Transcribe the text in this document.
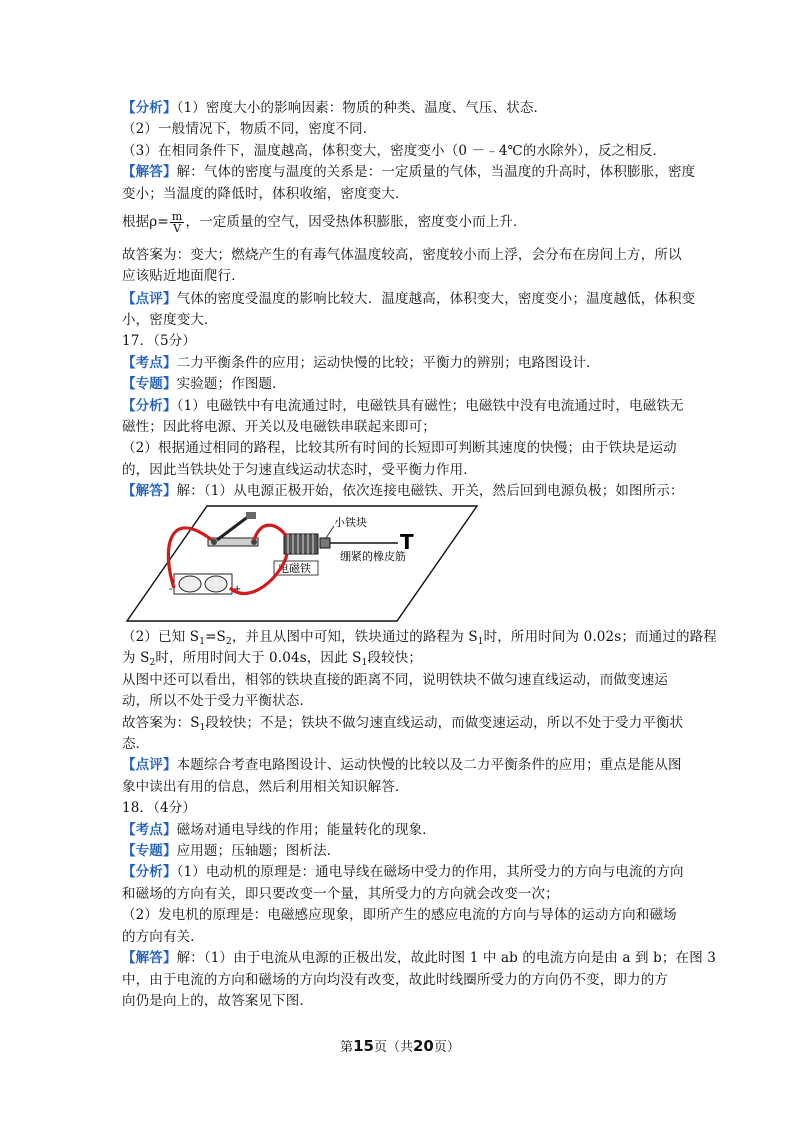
【分析】（1）密度大小的影响因素：物质的种类、温度、气压、状态．
（2）一般情况下，物质不同，密度不同．
（3）在相同条件下，温度越高，体积变大，密度变小（0 －﹣4℃的水除外），反之相反．
【解答】解：气体的密度与温度的关系是：一定质量的气体，当温度的升高时，体积膨胀，密度
变小；当温度的降低时，体积收缩，密度变大．
根据$\rho= \frac{m}{V}$ ，一定质量的空气，因受热体积膨胀，密度变小而上升．
故答案为：变大；燃烧产生的有毒气体温度较高，密度较小而上浮，会分布在房间上方，所以
应该贴近地面爬行．
【点评】气体的密度受温度的影响比较大．温度越高，体积变大，密度变小；温度越低，体积变
小，密度变大．
17．（5分）
【考点】二力平衡条件的应用；运动快慢的比较；平衡力的辨别；电路图设计．
【专题】实验题；作图题．
【分析】（1）电磁铁中有电流通过时，电磁铁具有磁性；电磁铁中没有电流通过时，电磁铁无
磁性；因此将电源、开关以及电磁铁串联起来即可；
（2）根据通过相同的路程，比较其所有时间的长短即可判断其速度的快慢；由于铁块是运动
的，因此当铁块处于匀速直线运动状态时，受平衡力作用．
【解答】解：（1）从电源正极开始，依次连接电磁铁、开关，然后回到电源负极；如图所示：
T
小铁块
绷紧的橡皮筋
电磁铁
-	+
（2）已知 $S_1=S_2$，并且从图中可知，铁块通过的路程为 $S_1$时，所用时间为 0.02s；而通过的路程
为 $S_2$时，所用时间大于 0.04s，因此 $S_1$段较快；
从图中还可以看出，相邻的铁块直接的距离不同，说明铁块不做匀速直线运动，而做变速运
动，所以不处于受力平衡状态．
故答案为：$S_1$段较快；不是；铁块不做匀速直线运动，而做变速运动，所以不处于受力平衡状
态．
【点评】本题综合考查电路图设计、运动快慢的比较以及二力平衡条件的应用；重点是能从图
象中读出有用的信息，然后利用相关知识解答．
18．（4分）
【考点】磁场对通电导线的作用；能量转化的现象．
【专题】应用题；压轴题；图析法．
【分析】（1）电动机的原理是：通电导线在磁场中受力的作用，其所受力的方向与电流的方向
和磁场的方向有关，即只要改变一个量，其所受力的方向就会改变一次；
（2）发电机的原理是：电磁感应现象，即所产生的感应电流的方向与导体的运动方向和磁场
的方向有关．
【解答】解：（1）由于电流从电源的正极出发，故此时图 1 中 ab 的电流方向是由 a 到 b；在图 3
中，由于电流的方向和磁场的方向均没有改变，故此时线圈所受力的方向仍不变，即力的方
向仍是向上的，故答案见下图．
第15页（共20页）
